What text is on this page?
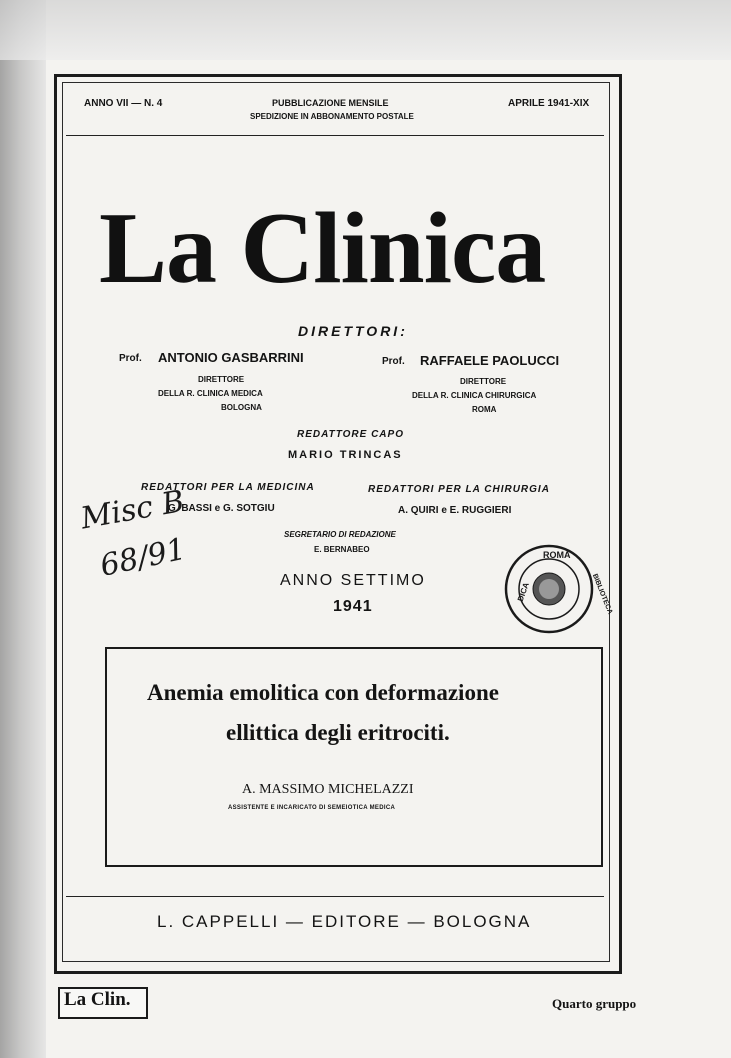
ANNO VII — N. 4	PUBBLICAZIONE MENSILE
SPEDIZIONE IN ABBONAMENTO POSTALE
APRILE 1941-XIX
La Clinica
DIRETTORI:
Prof. ANTONIO GASBARRINI
DIRETTORE
DELLA R. CLINICA MEDICA
BOLOGNA
Prof. RAFFAELE PAOLUCCI
DIRETTORE
DELLA R. CLINICA CHIRURGICA
ROMA
REDATTORE CAPO
MARIO TRINCAS
REDATTORI PER LA MEDICINA
G. BASSI e G. SOTGIU
REDATTORI PER LA CHIRURGIA
A. QUIRI e E. RUGGIERI
SEGRETARIO DI REDAZIONE
E. BERNABEO
ANNO SETTIMO
1941
Misc B
68/91	ROMA
DICA	BIBLIOTECA
Anemia emolitica con deformazione
ellittica degli eritrociti.
A. MASSIMO MICHELAZZI
ASSISTENTE E INCARICATO DI SEMEIOTICA MEDICA
L. CAPPELLI — EDITORE — BOLOGNA
La Clin.	Quarto gruppo
